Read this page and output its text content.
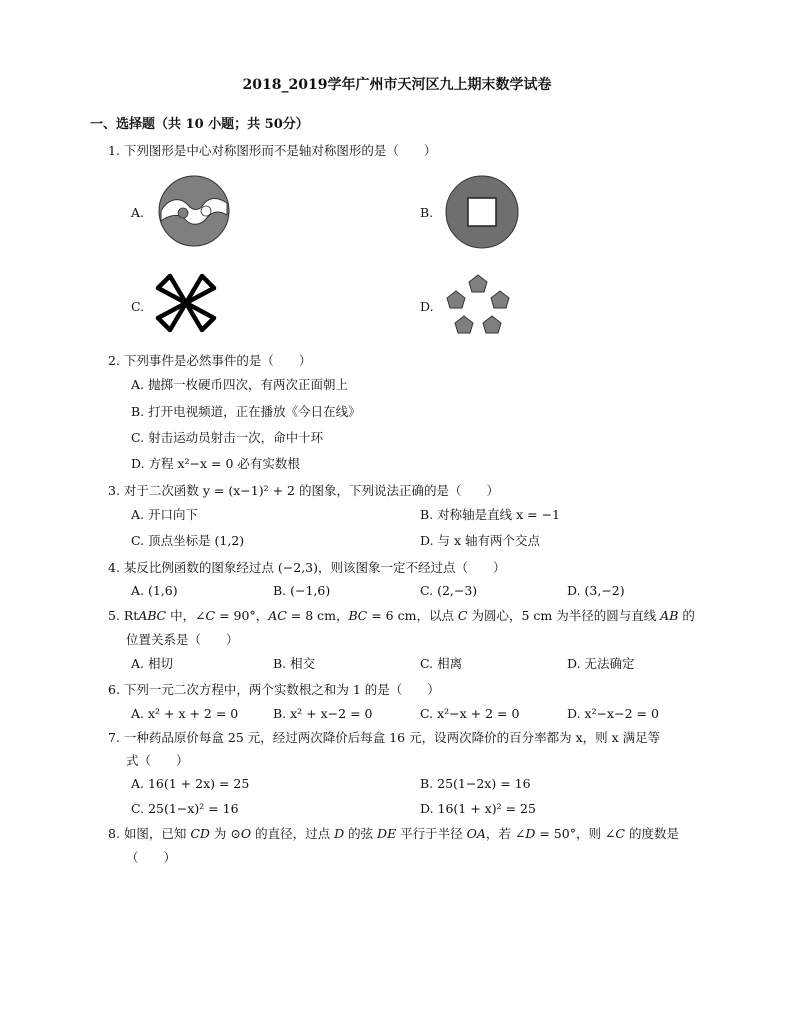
2018_2019学年广州市天河区九上期末数学试卷
一、选择题（共 10 小题；共 50分）
1. 下列图形是中心对称图形而不是轴对称图形的是（　　）
A.	B.
C.	D.
2. 下列事件是必然事件的是（　　）
A. 抛掷一枚硬币四次，有两次正面朝上
B. 打开电视频道，正在播放《今日在线》
C. 射击运动员射击一次，命中十环
D. 方程 x²−x = 0 必有实数根
3. 对于二次函数 y = (x−1)² + 2 的图象，下列说法正确的是（　　）
A. 开口向下	B. 对称轴是直线 x = −1
C. 顶点坐标是 (1,2)	D. 与 x 轴有两个交点
4. 某反比例函数的图象经过点 (−2,3)，则该图象一定不经过点（　　）
A. (1,6)	B. (−1,6)	C. (2,−3)	D. (3,−2)
5. Rt𝐴𝐵𝐶 中，∠𝐶 = 90°，𝐴𝐶 = 8 cm，𝐵𝐶 = 6 cm，以点 𝐶 为圆心，5 cm 为半径的圆与直线 𝐴𝐵 的
位置关系是（　　）
A. 相切	B. 相交	C. 相离	D. 无法确定
6. 下列一元二次方程中，两个实数根之和为 1 的是（　　）
A. x² + x + 2 = 0	B. x² + x−2 = 0	C. x²−x + 2 = 0	D. x²−x−2 = 0
7. 一种药品原价每盒 25 元，经过两次降价后每盒 16 元，设两次降价的百分率都为 x，则 x 满足等
式（　　）
A. 16(1 + 2x) = 25	B. 25(1−2x) = 16
C. 25(1−x)² = 16	D. 16(1 + x)² = 25
8. 如图，已知 𝐶𝐷 为 ⊙𝑂 的直径，过点 𝐷 的弦 𝐷𝐸 平行于半径 𝑂𝐴，若 ∠𝐷 = 50°，则 ∠𝐶 的度数是
（　　）
